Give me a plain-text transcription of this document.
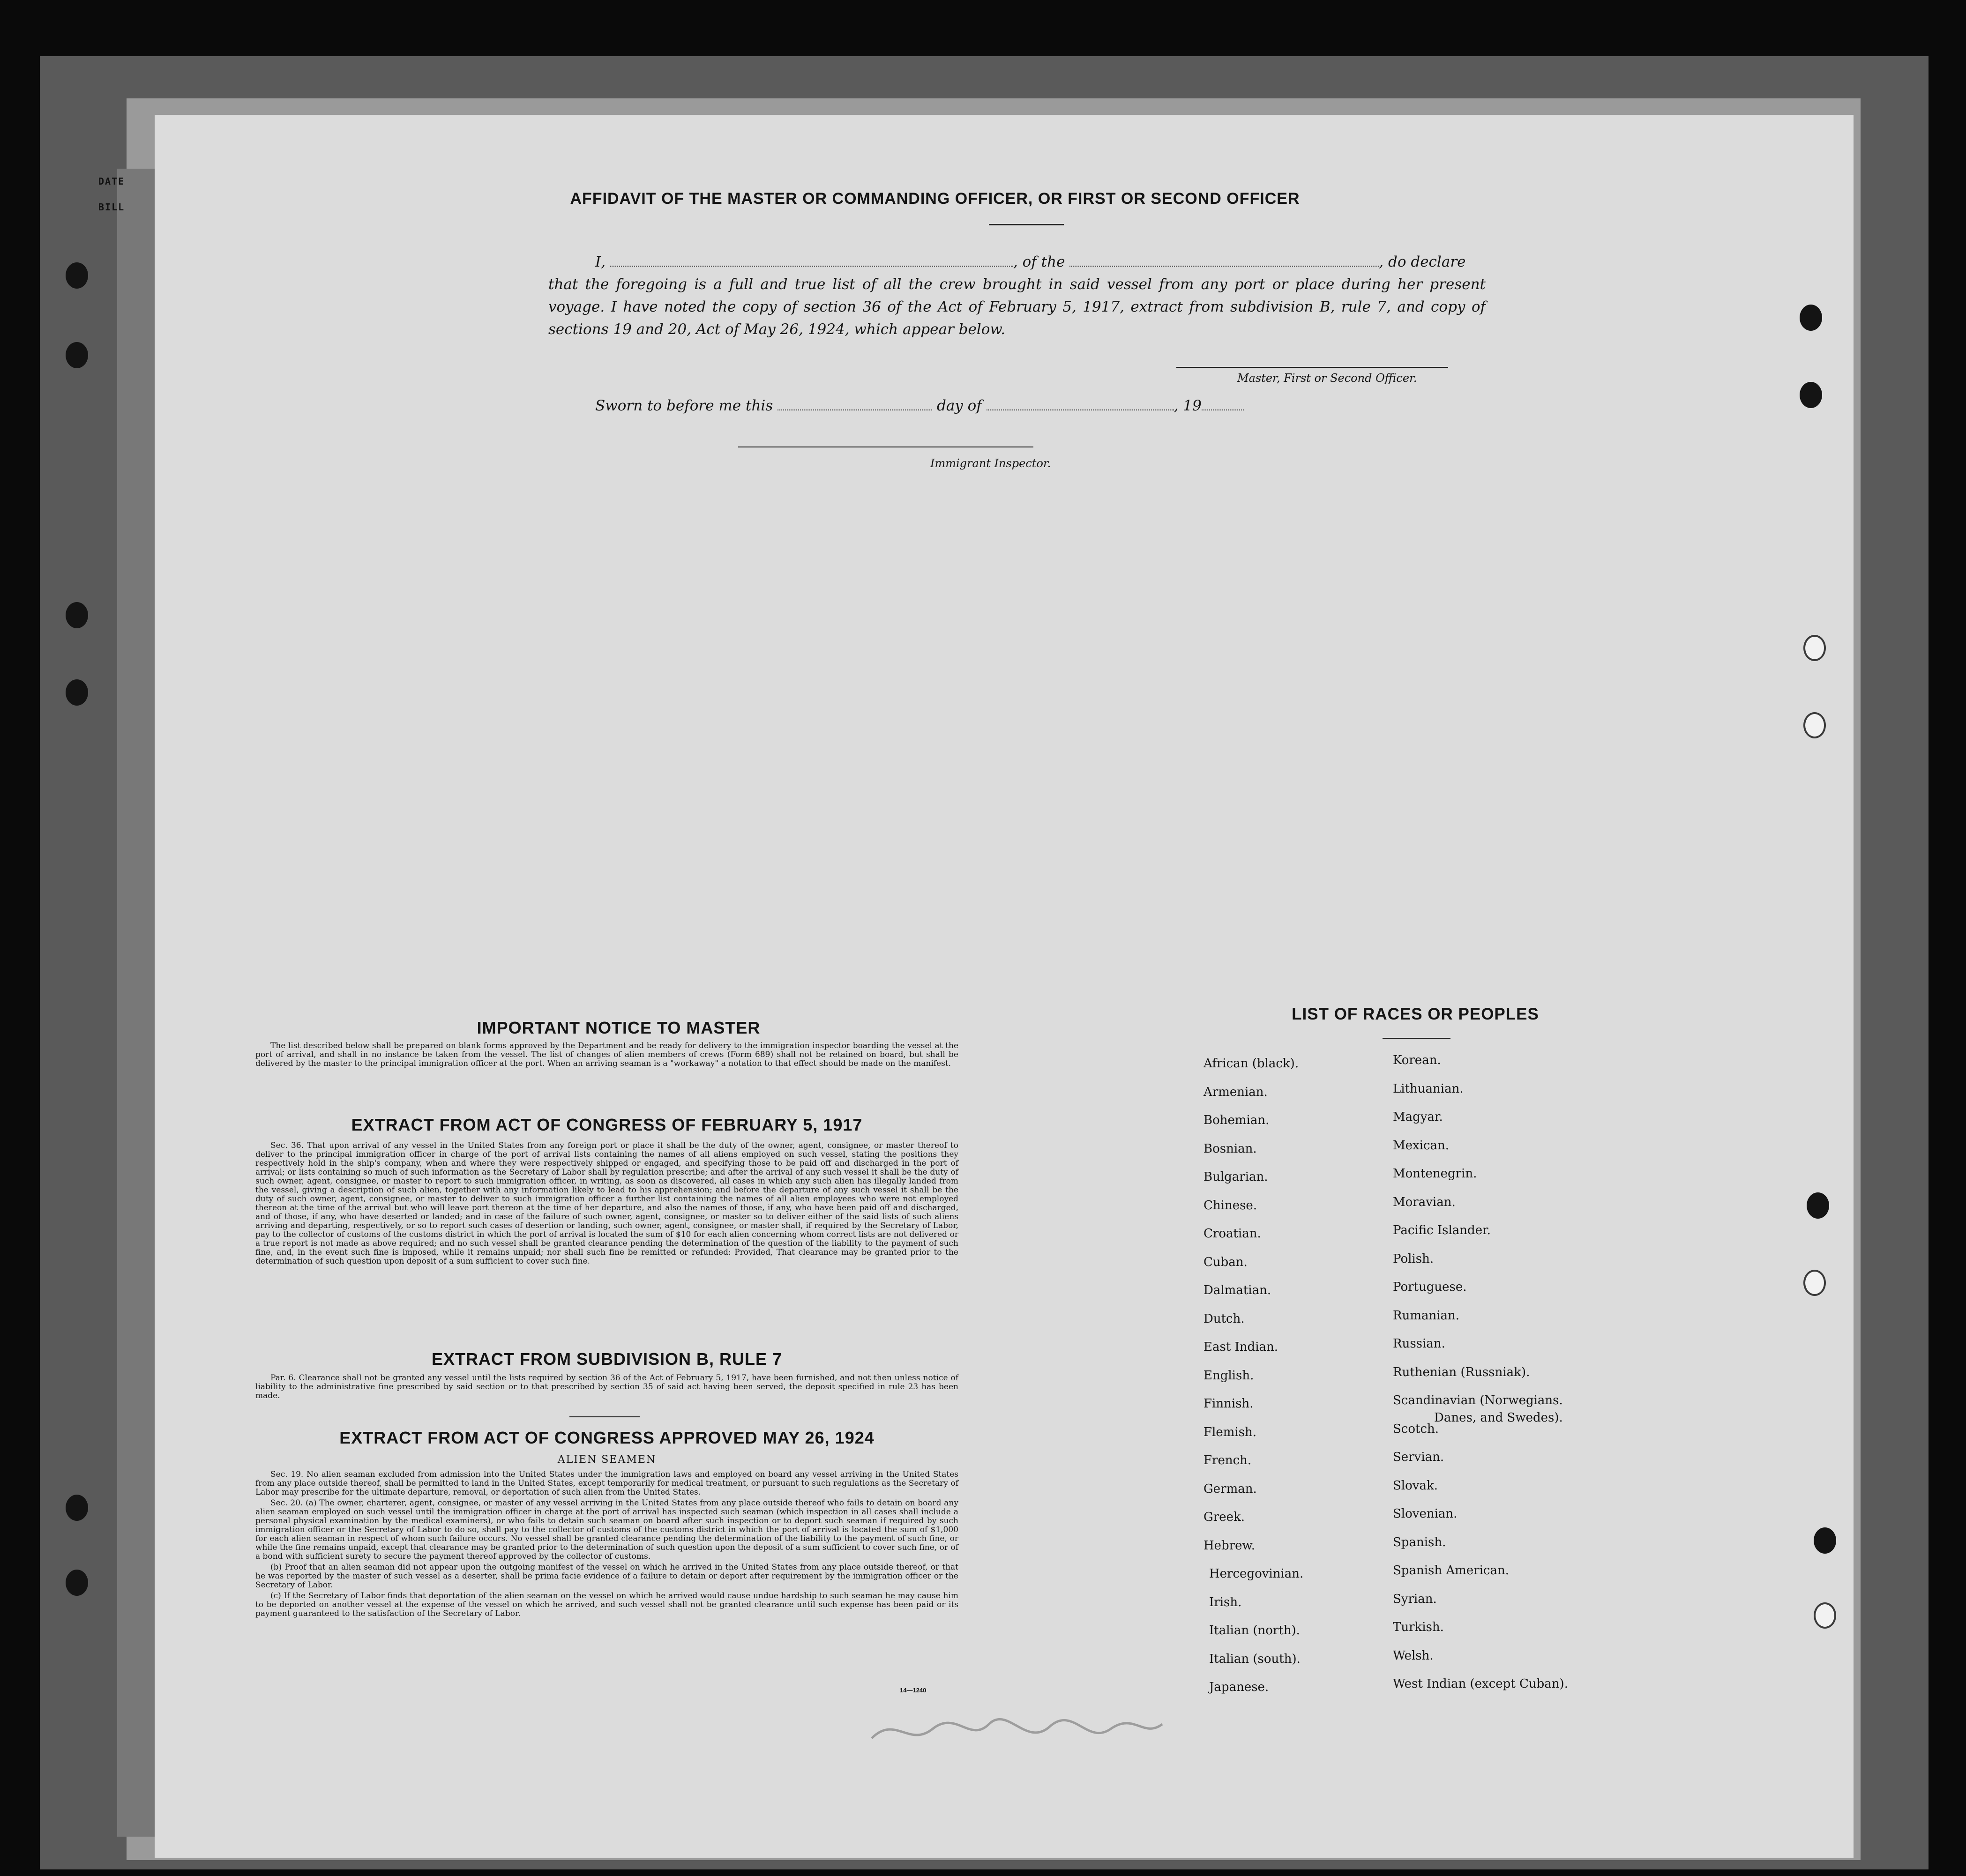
DATE
BILL	AFFIDAVIT OF THE MASTER OR COMMANDING OFFICER, OR FIRST OR SECOND OFFICER
I,	, of the	, do declare
that the foregoing is a full and true list of all the crew brought in said vessel from any port or place during her present voyage. I have noted the copy of section 36 of the Act of February 5, 1917, extract from subdivision B, rule 7, and copy of sections 19 and 20, Act of May 26, 1924, which appear below.
Master, First or Second Officer.
Sworn to before me this	day of	, 19
Immigrant Inspector.
IMPORTANT NOTICE TO MASTER

The list described below shall be prepared on blank forms approved by the Department and be ready for delivery to the immigration inspector boarding the vessel at the port of arrival, and shall in no instance be taken from the vessel. The list of changes of alien members of crews (Form 689) shall not be retained on board, but shall be delivered by the master to the principal immigration officer at the port. When an arriving seaman is a "workaway" a notation to that effect should be made on the manifest.

EXTRACT FROM ACT OF CONGRESS OF FEBRUARY 5, 1917

Sec. 36. That upon arrival of any vessel in the United States from any foreign port or place it shall be the duty of the owner, agent, consignee, or master thereof to deliver to the principal immigration officer in charge of the port of arrival lists containing the names of all aliens employed on such vessel, stating the positions they respectively hold in the ship's company, when and where they were respectively shipped or engaged, and specifying those to be paid off and discharged in the port of arrival; or lists containing so much of such information as the Secretary of Labor shall by regulation prescribe; and after the arrival of any such vessel it shall be the duty of such owner, agent, consignee, or master to report to such immigration officer, in writing, as soon as discovered, all cases in which any such alien has illegally landed from the vessel, giving a description of such alien, together with any information likely to lead to his apprehension; and before the departure of any such vessel it shall be the duty of such owner, agent, consignee, or master to deliver to such immigration officer a further list containing the names of all alien employees who were not employed thereon at the time of the arrival but who will leave port thereon at the time of her departure, and also the names of those, if any, who have been paid off and discharged, and of those, if any, who have deserted or landed; and in case of the failure of such owner, agent, consignee, or master so to deliver either of the said lists of such aliens arriving and departing, respectively, or so to report such cases of desertion or landing, such owner, agent, consignee, or master shall, if required by the Secretary of Labor, pay to the collector of customs of the customs district in which the port of arrival is located the sum of $10 for each alien concerning whom correct lists are not delivered or a true report is not made as above required; and no such vessel shall be granted clearance pending the determination of the question of the liability to the payment of such fine, and, in the event such fine is imposed, while it remains unpaid; nor shall such fine be remitted or refunded: Provided, That clearance may be granted prior to the determination of such question upon deposit of a sum sufficient to cover such fine.

EXTRACT FROM SUBDIVISION B, RULE 7

Par. 6. Clearance shall not be granted any vessel until the lists required by section 36 of the Act of February 5, 1917, have been furnished, and not then unless notice of liability to the administrative fine prescribed by said section or to that prescribed by section 35 of said act having been served, the deposit specified in rule 23 has been made.

EXTRACT FROM ACT OF CONGRESS APPROVED MAY 26, 1924
ALIEN SEAMEN

Sec. 19. No alien seaman excluded from admission into the United States under the immigration laws and employed on board any vessel arriving in the United States from any place outside thereof, shall be permitted to land in the United States, except temporarily for medical treatment, or pursuant to such regulations as the Secretary of Labor may prescribe for the ultimate departure, removal, or deportation of such alien from the United States.

Sec. 20. (a) The owner, charterer, agent, consignee, or master of any vessel arriving in the United States from any place outside thereof who fails to detain on board any alien seaman employed on such vessel until the immigration officer in charge at the port of arrival has inspected such seaman (which inspection in all cases shall include a personal physical examination by the medical examiners), or who fails to detain such seaman on board after such inspection or to deport such seaman if required by such immigration officer or the Secretary of Labor to do so, shall pay to the collector of customs of the customs district in which the port of arrival is located the sum of $1,000 for each alien seaman in respect of whom such failure occurs. No vessel shall be granted clearance pending the determination of the liability to the payment of such fine, or while the fine remains unpaid, except that clearance may be granted prior to the determination of such question upon the deposit of a sum sufficient to cover such fine, or of a bond with sufficient surety to secure the payment thereof approved by the collector of customs.

(b) Proof that an alien seaman did not appear upon the outgoing manifest of the vessel on which he arrived in the United States from any place outside thereof, or that he was reported by the master of such vessel as a deserter, shall be prima facie evidence of a failure to detain or deport after requirement by the immigration officer or the Secretary of Labor.

(c) If the Secretary of Labor finds that deportation of the alien seaman on the vessel on which he arrived would cause undue hardship to such seaman he may cause him to be deported on another vessel at the expense of the vessel on which he arrived, and such vessel shall not be granted clearance until such expense has been paid or its payment guaranteed to the satisfaction of the Secretary of Labor.

14—1240
LIST OF RACES OR PEOPLES
African (black).
Armenian.
Bohemian.
Bosnian.
Bulgarian.
Chinese.
Croatian.
Cuban.
Dalmatian.
Dutch.
East Indian.
English.
Finnish.
Flemish.
French.
German.
Greek.
Hebrew.
Hercegovinian.
Irish.
Italian (north).
Italian (south).
Japanese.
Korean.
Lithuanian.
Magyar.
Mexican.
Montenegrin.
Moravian.
Pacific Islander.
Polish.
Portuguese.
Rumanian.
Russian.
Ruthenian (Russniak).
Scandinavian (Norwegians.
Danes, and Swedes).
Scotch.
Servian.
Slovak.
Slovenian.
Spanish.
Spanish American.
Syrian.
Turkish.
Welsh.
West Indian (except Cuban).
